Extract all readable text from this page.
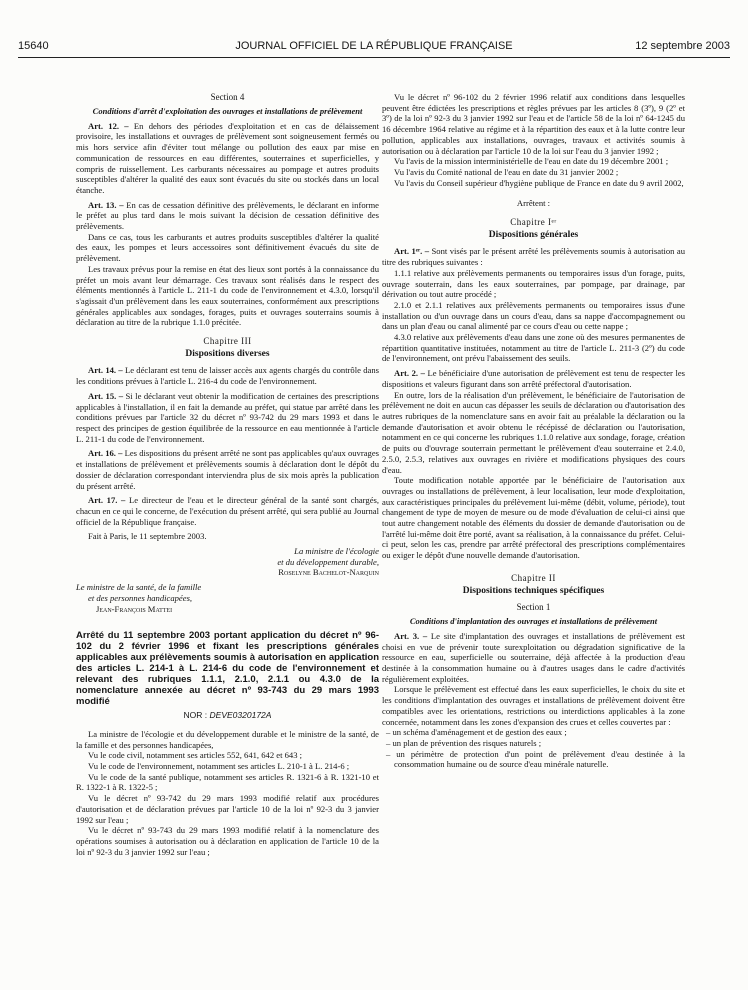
15640	JOURNAL OFFICIEL DE LA RÉPUBLIQUE FRANÇAISE	12 septembre 2003
Section 4
Conditions d'arrêt d'exploitation des ouvrages et installations de prélèvement

Art. 12. – En dehors des périodes d'exploitation et en cas de délaissement provisoire, les installations et ouvrages de prélèvement sont soigneusement fermés ou mis hors service afin d'éviter tout mélange ou pollution des eaux par mise en communication de ressources en eau différentes, souterraines et superficielles, y compris de ruissellement. Les carburants nécessaires au pompage et autres produits susceptibles d'altérer la qualité des eaux sont évacués du site ou stockés dans un local étanche.

Art. 13. – En cas de cessation définitive des prélèvements, le déclarant en informe le préfet au plus tard dans le mois suivant la décision de cessation définitive des prélèvements.

Dans ce cas, tous les carburants et autres produits susceptibles d'altérer la qualité des eaux, les pompes et leurs accessoires sont définitivement évacués du site de prélèvement.

Les travaux prévus pour la remise en état des lieux sont portés à la connaissance du préfet un mois avant leur démarrage. Ces travaux sont réalisés dans le respect des éléments mentionnés à l'article L. 211-1 du code de l'environnement et 4.3.0, lorsqu'il s'agissait d'un prélèvement dans les eaux souterraines, conformément aux prescriptions générales applicables aux sondages, forages, puits et ouvrages souterrains soumis à déclaration au titre de la rubrique 1.1.0 précitée.

Chapitre III
Dispositions diverses

Art. 14. – Le déclarant est tenu de laisser accès aux agents chargés du contrôle dans les conditions prévues à l'article L. 216-4 du code de l'environnement.

Art. 15. – Si le déclarant veut obtenir la modification de certaines des prescriptions applicables à l'installation, il en fait la demande au préfet, qui statue par arrêté dans les conditions prévues par l'article 32 du décret nº 93-742 du 29 mars 1993 et dans le respect des principes de gestion équilibrée de la ressource en eau mentionnée à l'article L. 211-1 du code de l'environnement.

Art. 16. – Les dispositions du présent arrêté ne sont pas applicables qu'aux ouvrages et installations de prélèvement et prélèvements soumis à déclaration dont le dépôt du dossier de déclaration correspondant interviendra plus de six mois après la publication du présent arrêté.

Art. 17. – Le directeur de l'eau et le directeur général de la santé sont chargés, chacun en ce qui le concerne, de l'exécution du présent arrêté, qui sera publié au Journal officiel de la République française.

Fait à Paris, le 11 septembre 2003.

La ministre de l'écologie
et du développement durable,
Roselyne Bachelot-Narquin
Le ministre de la santé, de la famille
et des personnes handicapées,
Jean-François Mattei
Arrêté du 11 septembre 2003 portant application du décret nº 96-102 du 2 février 1996 et fixant les prescriptions générales applicables aux prélèvements soumis à autorisation en application des articles L. 214-1 à L. 214-6 du code de l'environnement et relevant des rubriques 1.1.1, 2.1.0, 2.1.1 ou 4.3.0 de la nomenclature annexée au décret nº 93-743 du 29 mars 1993 modifié
NOR : DEVE0320172A

La ministre de l'écologie et du développement durable et le ministre de la santé, de la famille et des personnes handicapées,

Vu le code civil, notamment ses articles 552, 641, 642 et 643 ;

Vu le code de l'environnement, notamment ses articles L. 210-1 à L. 214-6 ;

Vu le code de la santé publique, notamment ses articles R. 1321-6 à R. 1321-10 et R. 1322-1 à R. 1322-5 ;

Vu le décret nº 93-742 du 29 mars 1993 modifié relatif aux procédures d'autorisation et de déclaration prévues par l'article 10 de la loi nº 92-3 du 3 janvier 1992 sur l'eau ;

Vu le décret nº 93-743 du 29 mars 1993 modifié relatif à la nomenclature des opérations soumises à autorisation ou à déclaration en application de l'article 10 de la loi nº 92-3 du 3 janvier 1992 sur l'eau ;

Vu le décret nº 96-102 du 2 février 1996 relatif aux conditions dans lesquelles peuvent être édictées les prescriptions et règles prévues par les articles 8 (3º), 9 (2º et 3º) de la loi nº 92-3 du 3 janvier 1992 sur l'eau et de l'article 58 de la loi nº 64-1245 du 16 décembre 1964 relative au régime et à la répartition des eaux et à la lutte contre leur pollution, applicables aux installations, ouvrages, travaux et activités soumis à autorisation ou à déclaration par l'article 10 de la loi sur l'eau du 3 janvier 1992 ;

Vu l'avis de la mission interministérielle de l'eau en date du 19 décembre 2001 ;

Vu l'avis du Comité national de l'eau en date du 31 janvier 2002 ;

Vu l'avis du Conseil supérieur d'hygiène publique de France en date du 9 avril 2002,

Arrêtent :
Chapitre Iᵉʳ
Dispositions générales

Art. 1ᵉʳ. – Sont visés par le présent arrêté les prélèvements soumis à autorisation au titre des rubriques suivantes :

1.1.1 relative aux prélèvements permanents ou temporaires issus d'un forage, puits, ouvrage souterrain, dans les eaux souterraines, par pompage, par drainage, par dérivation ou tout autre procédé ;

2.1.0 et 2.1.1 relatives aux prélèvements permanents ou temporaires issus d'une installation ou d'un ouvrage dans un cours d'eau, dans sa nappe d'accompagnement ou dans un plan d'eau ou canal alimenté par ce cours d'eau ou cette nappe ;

4.3.0 relative aux prélèvements d'eau dans une zone où des mesures permanentes de répartition quantitative instituées, notamment au titre de l'article L. 211-3 (2º) du code de l'environnement, ont prévu l'abaissement des seuils.

Art. 2. – Le bénéficiaire d'une autorisation de prélèvement est tenu de respecter les dispositions et valeurs figurant dans son arrêté préfectoral d'autorisation.

En outre, lors de la réalisation d'un prélèvement, le bénéficiaire de l'autorisation de prélèvement ne doit en aucun cas dépasser les seuils de déclaration ou d'autorisation des autres rubriques de la nomenclature sans en avoir fait au préalable la déclaration ou la demande d'autorisation et avoir obtenu le récépissé de déclaration ou l'autorisation, notamment en ce qui concerne les rubriques 1.1.0 relative aux sondage, forage, création de puits ou d'ouvrage souterrain permettant le prélèvement d'eau souterraine et 2.4.0, 2.5.0, 2.5.3, relatives aux ouvrages en rivière et modifications physiques des cours d'eau.

Toute modification notable apportée par le bénéficiaire de l'autorisation aux ouvrages ou installations de prélèvement, à leur localisation, leur mode d'exploitation, aux caractéristiques principales du prélèvement lui-même (débit, volume, période), tout changement de type de moyen de mesure ou de mode d'évaluation de celui-ci ainsi que tout autre changement notable des éléments du dossier de demande d'autorisation ou de l'arrêté lui-même doit être porté, avant sa réalisation, à la connaissance du préfet. Celui-ci peut, selon les cas, prendre par arrêté préfectoral des prescriptions complémentaires ou exiger le dépôt d'une nouvelle demande d'autorisation.

Chapitre II
Dispositions techniques spécifiques
Section 1
Conditions d'implantation des ouvrages et installations de prélèvement

Art. 3. – Le site d'implantation des ouvrages et installations de prélèvement est choisi en vue de prévenir toute surexploitation ou dégradation significative de la ressource en eau, superficielle ou souterraine, déjà affectée à la production d'eau destinée à la consommation humaine ou à d'autres usages dans le cadre d'activités régulièrement exploitées.

Lorsque le prélèvement est effectué dans les eaux superficielles, le choix du site et les conditions d'implantation des ouvrages et installations de prélèvement doivent être compatibles avec les orientations, restrictions ou interdictions applicables à la zone concernée, notamment dans les zones d'expansion des crues et celles couvertes par :

– un schéma d'aménagement et de gestion des eaux ;

– un plan de prévention des risques naturels ;

– un périmètre de protection d'un point de prélèvement d'eau destinée à la consommation humaine ou de source d'eau minérale naturelle.
